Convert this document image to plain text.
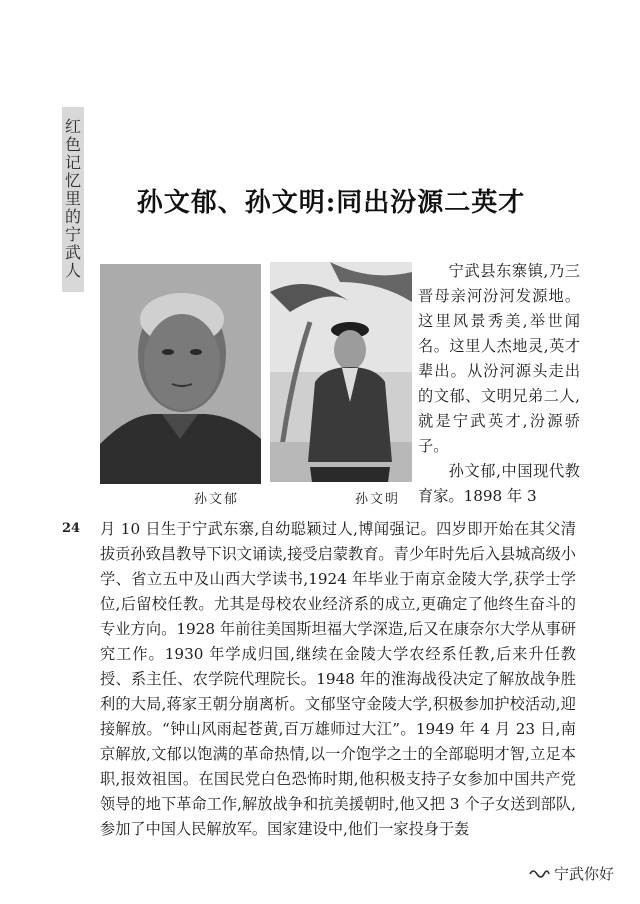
红色记忆里的宁武人
孙文郁、孙文明:同出汾源二英才
孙文郁	孙文明
24
宁武县东寨镇,乃三晋母亲河汾河发源地。这里风景秀美,举世闻名。这里人杰地灵,英才辈出。从汾河源头走出的文郁、文明兄弟二人,就是宁武英才,汾源骄子。
孙文郁,中国现代教育家。1898 年 3
月 10 日生于宁武东寨,自幼聪颖过人,博闻强记。四岁即开始在其父清拔贡孙致昌教导下识文诵读,接受启蒙教育。青少年时先后入县城高级小学、省立五中及山西大学读书,1924 年毕业于南京金陵大学,获学士学位,后留校任教。尤其是母校农业经济系的成立,更确定了他终生奋斗的专业方向。1928 年前往美国斯坦福大学深造,后又在康奈尔大学从事研究工作。1930 年学成归国,继续在金陵大学农经系任教,后来升任教授、系主任、农学院代理院长。1948 年的淮海战役决定了解放战争胜利的大局,蒋家王朝分崩离析。文郁坚守金陵大学,积极参加护校活动,迎接解放。“钟山风雨起苍黄,百万雄师过大江”。1949 年 4 月 23 日,南京解放,文郁以饱满的革命热情,以一介饱学之士的全部聪明才智,立足本职,报效祖国。在国民党白色恐怖时期,他积极支持子女参加中国共产党领导的地下革命工作,解放战争和抗美援朝时,他又把 3 个子女送到部队,参加了中国人民解放军。国家建设中,他们一家投身于轰
宁武你好
